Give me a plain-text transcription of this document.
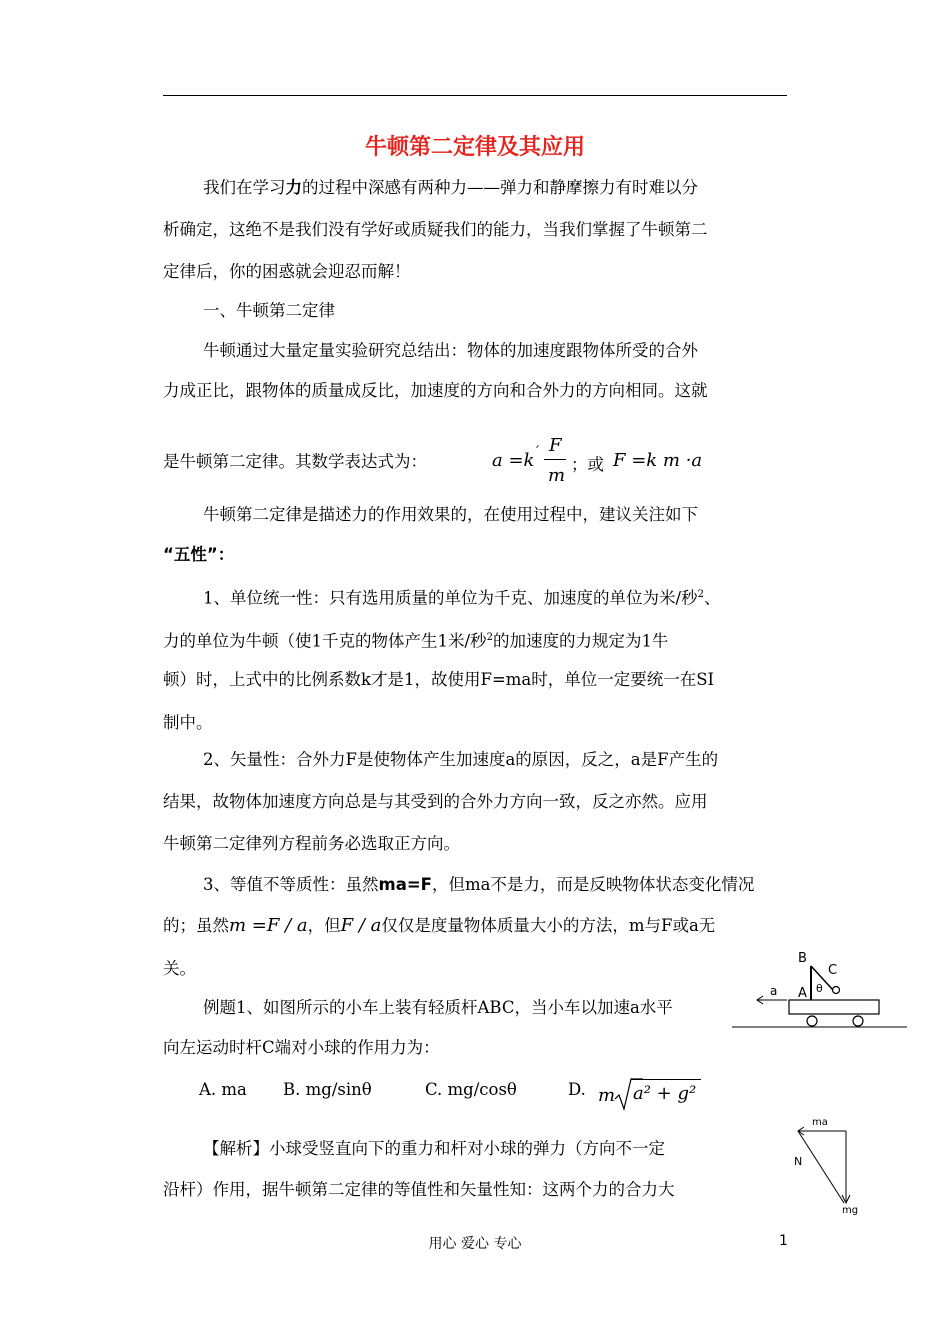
牛顿第二定律及其应用
我们在学习力的过程中深感有两种力——弹力和静摩擦力有时难以分
析确定，这绝不是我们没有学好或质疑我们的能力，当我们掌握了牛顿第二
定律后，你的困惑就会迎忍而解！
一、牛顿第二定律
牛顿通过大量定量实验研究总结出：物体的加速度跟物体所受的合外
力成正比，跟物体的质量成反比，加速度的方向和合外力的方向相同。这就
是牛顿第二定律。其数学表达式为：	a =k ′ F
m
；或 F =k m ·a
牛顿第二定律是描述力的作用效果的，在使用过程中，建议关注如下
“五性”：
1、单位统一性：只有选用质量的单位为千克、加速度的单位为米/秒$^2$、
力的单位为牛顿（使1千克的物体产生1米/秒$^2$的加速度的力规定为1牛
顿）时，上式中的比例系数k才是1，故使用F=ma时，单位一定要统一在SI
制中。
2、矢量性：合外力F是使物体产生加速度a的原因，反之，a是F产生的
结果，故物体加速度方向总是与其受到的合外力方向一致，反之亦然。应用
牛顿第二定律列方程前务必选取正方向。
3、等值不等质性：虽然ma=F，但ma不是力，而是反映物体状态变化情况
的；虽然m =F / a，但F / a仅仅是度量物体质量大小的方法，m与F或a无
关。
例题1、如图所示的小车上装有轻质杆ABC，当小车以加速a水平
向左运动时杆C端对小球的作用力为：
A. ma B. mg/sinθ	C. mg/cosθ	D. m a² + g²
a
B
C
A θ
ma
N
mg
【解析】小球受竖直向下的重力和杆对小球的弹力（方向不一定
沿杆）作用，据牛顿第二定律的等值性和矢量性知：这两个力的合力大
用心 爱心 专心	1
